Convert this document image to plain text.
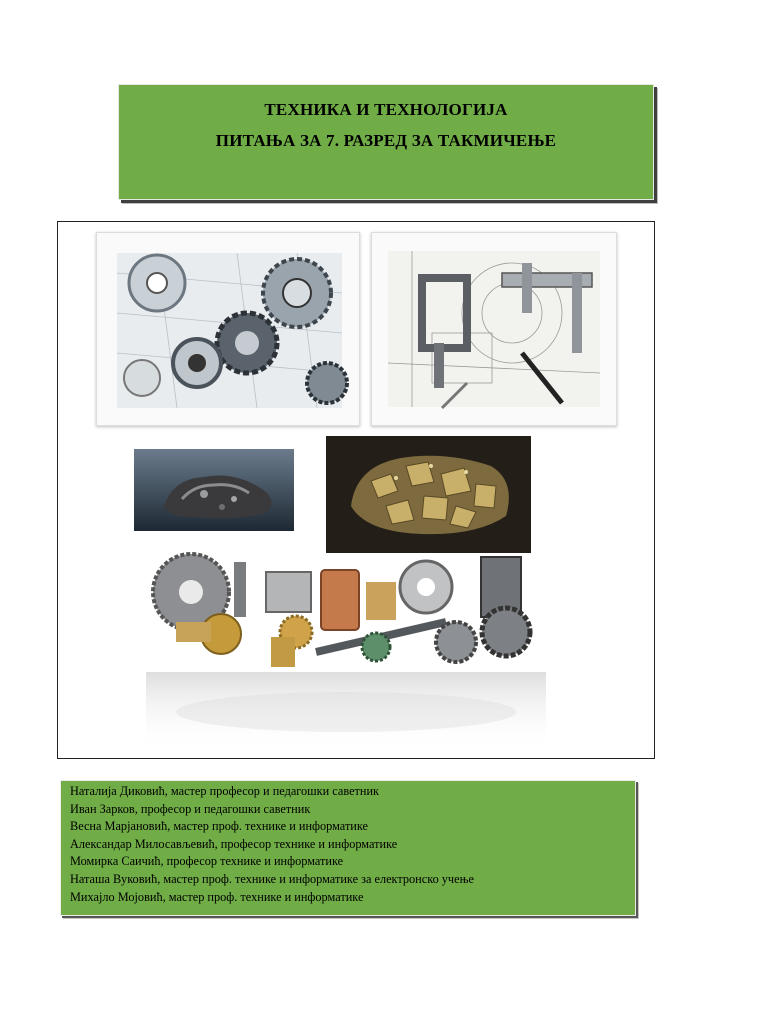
ТЕХНИКА И ТЕХНОЛОГИЈА
ПИТАЊА ЗА 7. РАЗРЕД ЗА ТАКМИЧЕЊЕ
Наталија Диковић, мастер професор и педагошки саветник
Иван Зарков, професор и педагошки саветник
Весна Марјановић, мастер проф. технике и информатике
Александар Милосављевић, професор технике и информатике
Момирка Саичић, професор технике и информатике
Наташа Вуковић, мастер проф. технике и информатике за електронско учење
Михајло Мојовић, мастер проф. технике и информатике
